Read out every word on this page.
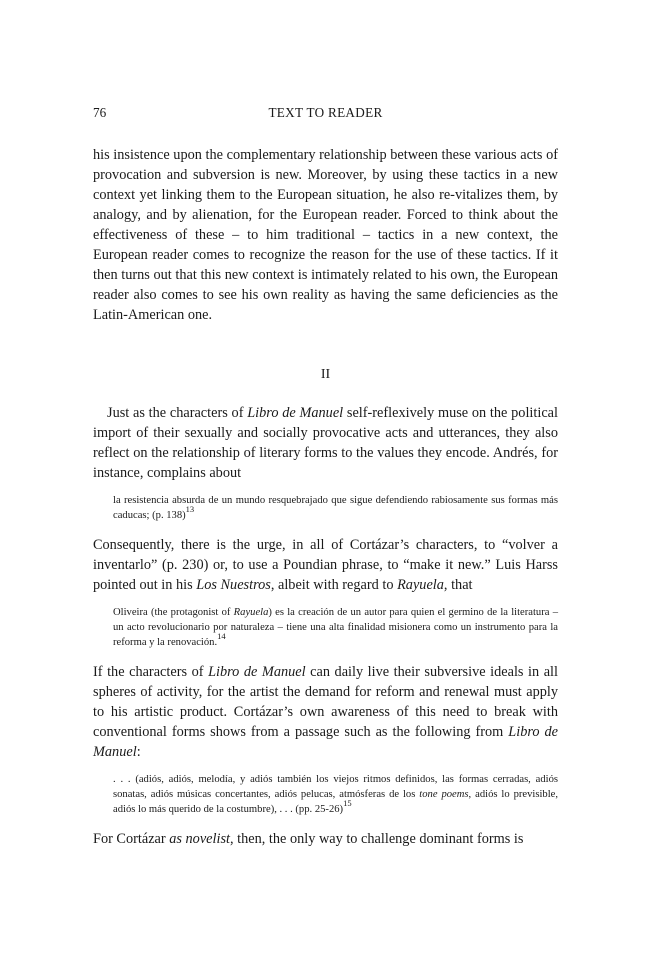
76	TEXT TO READER

his insistence upon the complementary relationship between these various acts of provocation and subversion is new. Moreover, by using these tactics in a new context yet linking them to the European situation, he also re-vitalizes them, by analogy, and by alienation, for the European reader. Forced to think about the effectiveness of these – to him traditional – tactics in a new context, the European reader comes to recognize the reason for the use of these tactics. If it then turns out that this new context is intimately related to his own, the European reader also comes to see his own reality as having the same deficiencies as the Latin-American one.

II

Just as the characters of Libro de Manuel self-reflexively muse on the political import of their sexually and socially provocative acts and utterances, they also reflect on the relationship of literary forms to the values they encode. Andrés, for instance, complains about

la resistencia absurda de un mundo resquebrajado que sigue defendiendo rabiosamente sus formas más caducas; (p. 138)$^{13}$

Consequently, there is the urge, in all of Cortázar’s characters, to “volver a inventarlo” (p. 230) or, to use a Poundian phrase, to “make it new.” Luis Harss pointed out in his Los Nuestros, albeit with regard to Rayuela, that

Oliveira (the protagonist of Rayuela) es la creación de un autor para quien el germino de la literatura – un acto revolucionario por naturaleza – tiene una alta finalidad misionera como un instrumento para la reforma y la renovación.$^{14}$

If the characters of Libro de Manuel can daily live their subversive ideals in all spheres of activity, for the artist the demand for reform and renewal must apply to his artistic product. Cortázar’s own awareness of this need to break with conventional forms shows from a passage such as the following from Libro de Manuel:

. . . (adiós, adiós, melodía, y adiós también los viejos ritmos definidos, las formas cerradas, adiós sonatas, adiós músicas concertantes, adiós pelucas, atmósferas de los tone poems, adiós lo previsible, adiós lo más querido de la costumbre), . . . (pp. 25-26)$^{15}$

For Cortázar as novelist, then, the only way to challenge dominant forms is
